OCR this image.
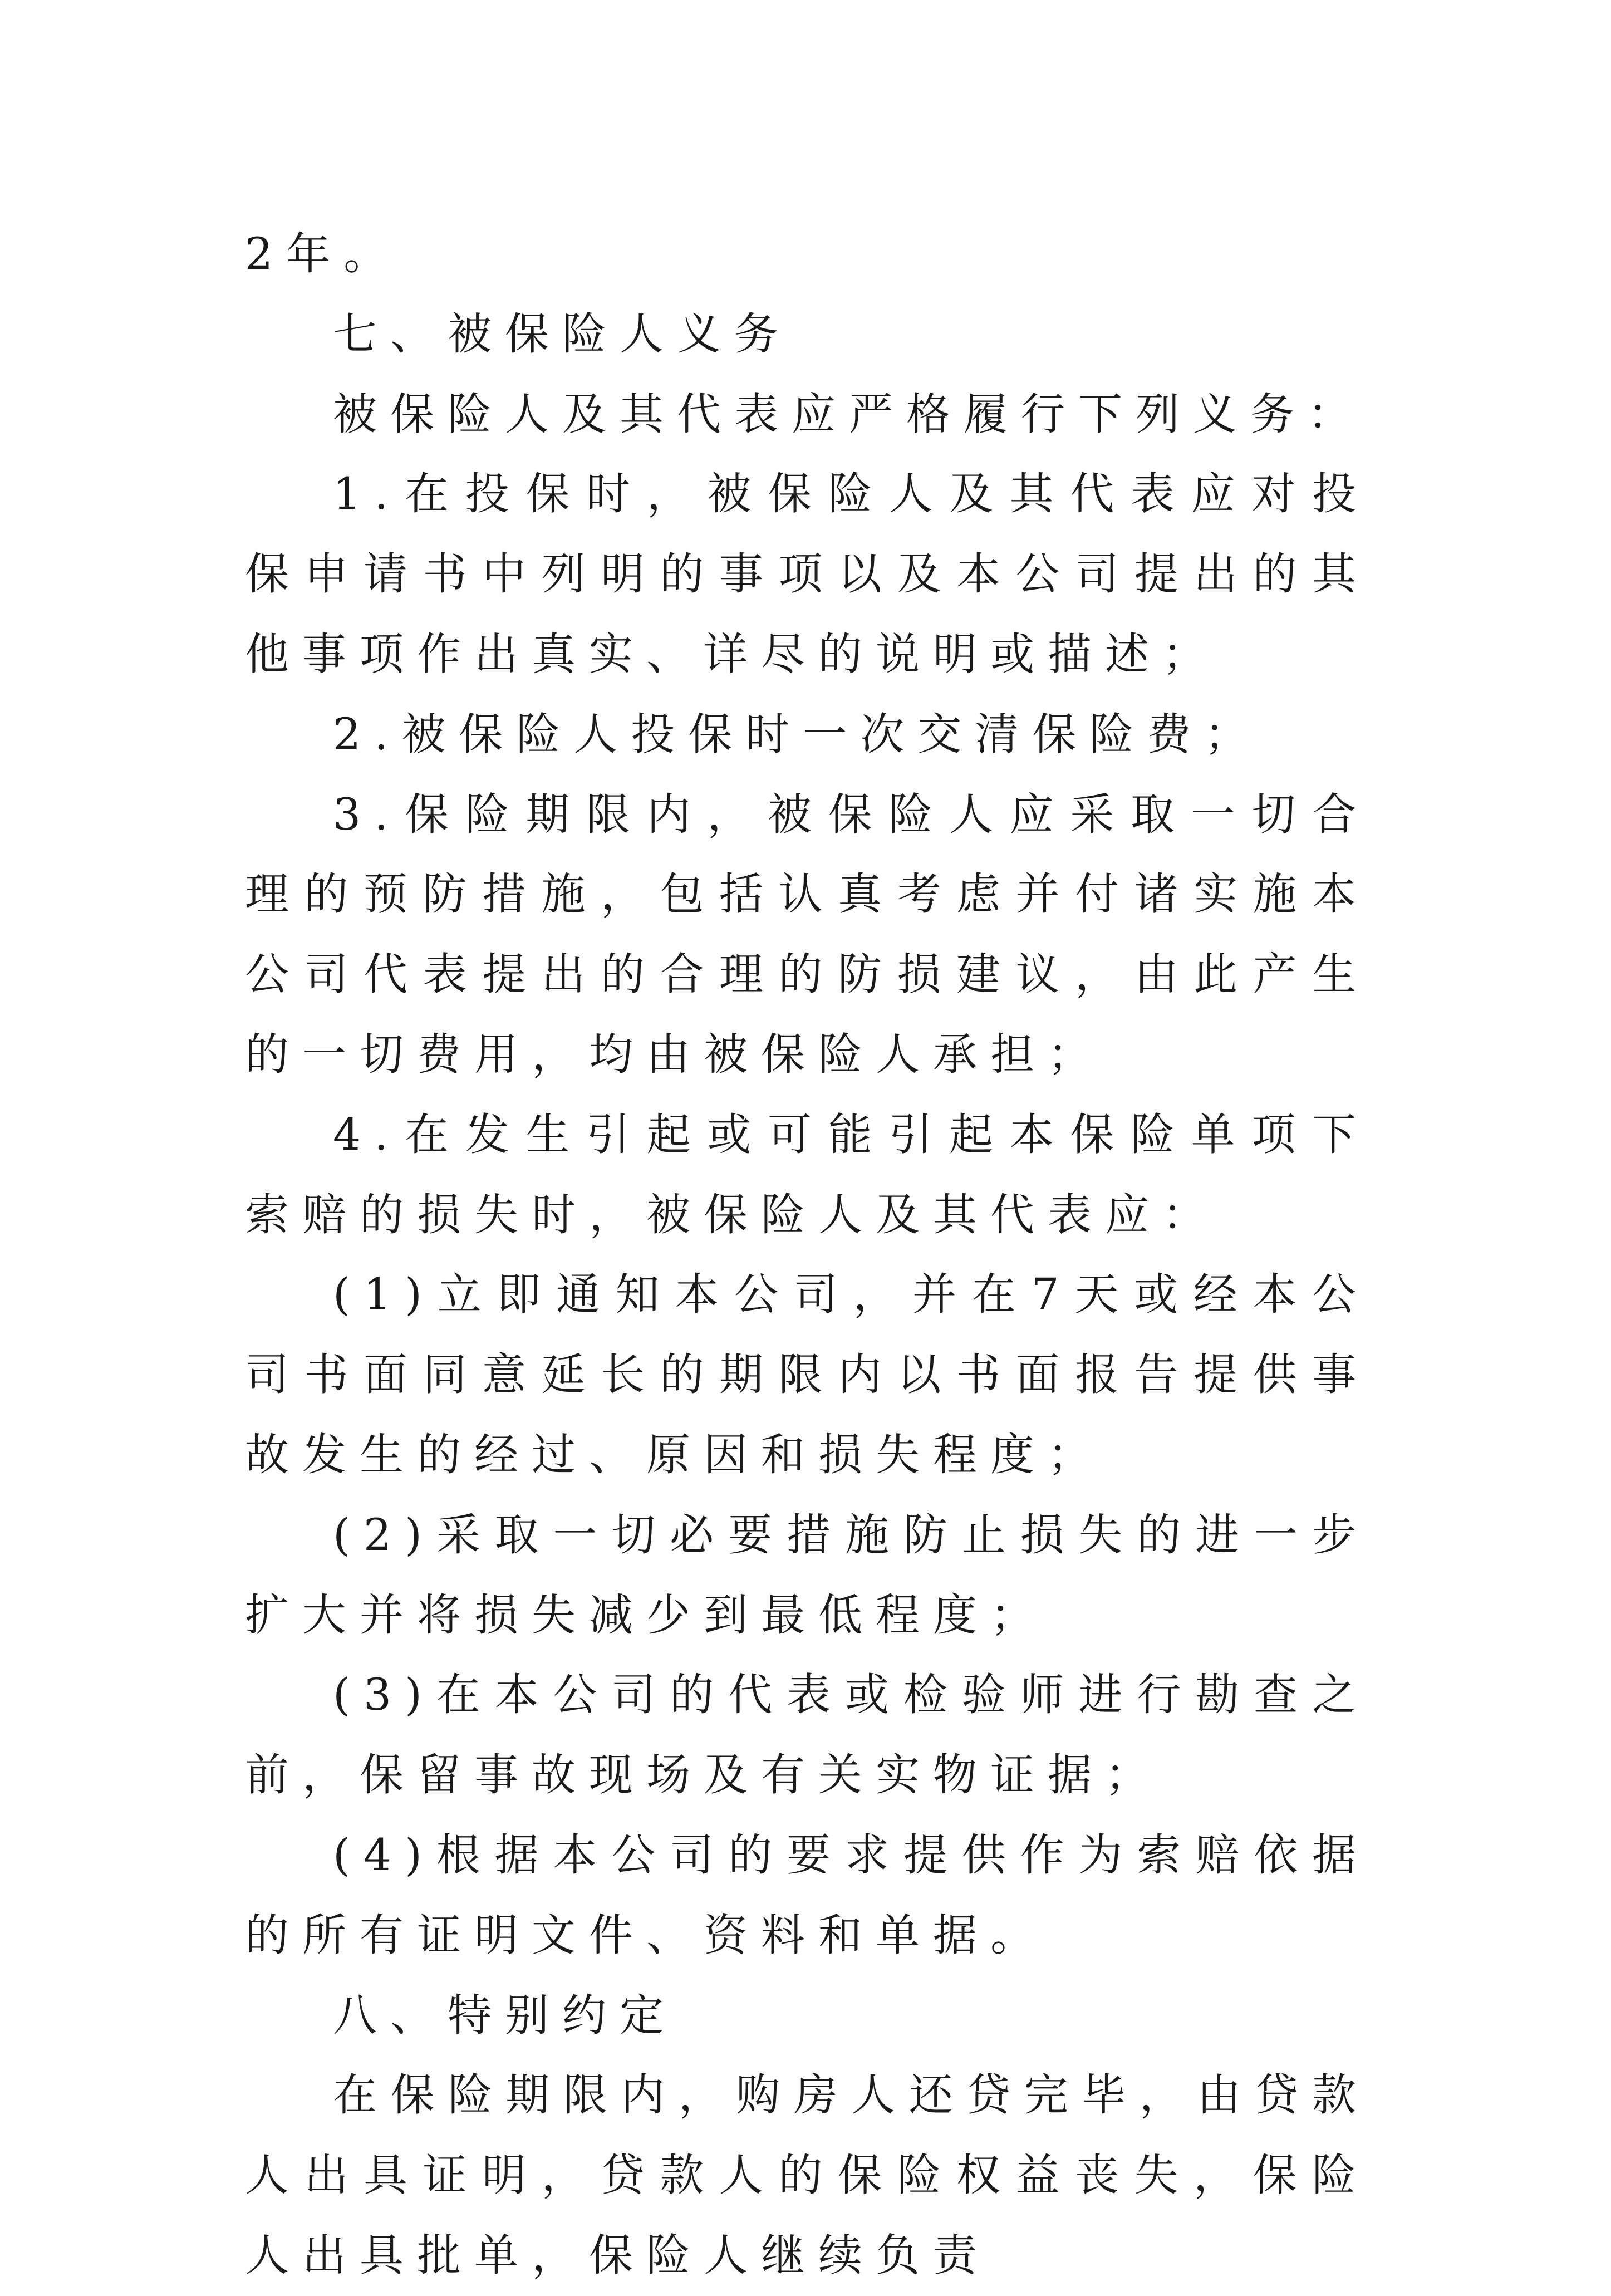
2年。

七、被保险人义务

被保险人及其代表应严格履行下列义务：

1.在投保时，被保险人及其代表应对投保申请书中列明的事项以及本公司提出的其他事项作出真实、详尽的说明或描述；

2.被保险人投保时一次交清保险费；

3.保险期限内，被保险人应采取一切合理的预防措施，包括认真考虑并付诸实施本公司代表提出的合理的防损建议，由此产生的一切费用，均由被保险人承担；

4.在发生引起或可能引起本保险单项下索赔的损失时，被保险人及其代表应：

(1)立即通知本公司，并在7天或经本公司书面同意延长的期限内以书面报告提供事故发生的经过、原因和损失程度；

(2)采取一切必要措施防止损失的进一步扩大并将损失减少到最低程度；

(3)在本公司的代表或检验师进行勘查之前，保留事故现场及有关实物证据；

(4)根据本公司的要求提供作为索赔依据的所有证明文件、资料和单据。

八、特别约定

在保险期限内，购房人还贷完毕，由贷款人出具证明，贷款人的保险权益丧失，保险人出具批单，保险人继续负责
